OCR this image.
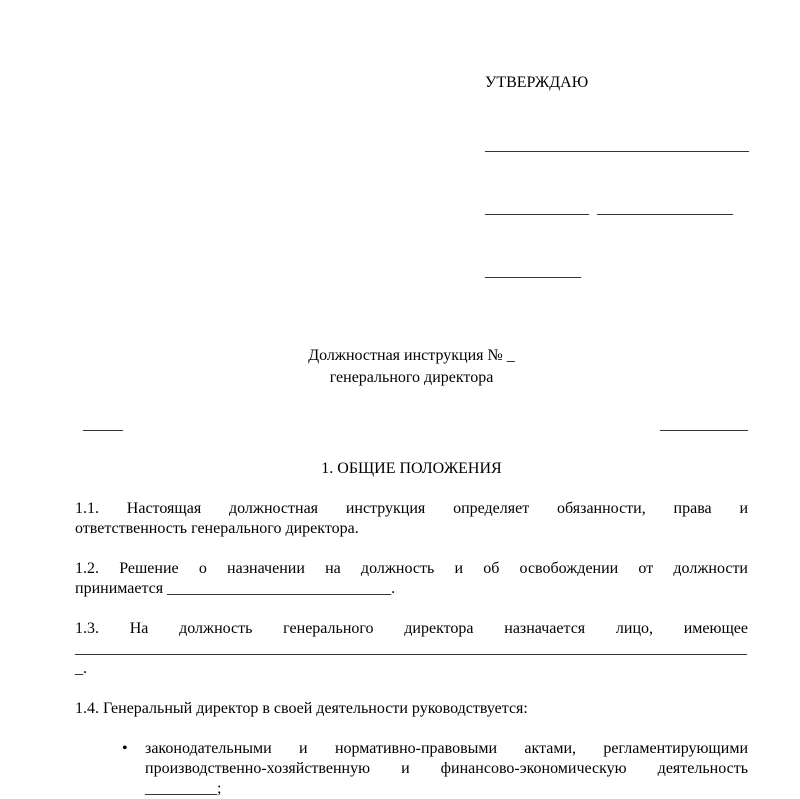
УТВЕРЖДАЮ

_________________________________

_____________  _________________

____________

Должностная инструкция № _
генерального директора
_____	___________
1. ОБЩИЕ ПОЛОЖЕНИЯ
1.1. Настоящая должностная инструкция определяет обязанности, права и
ответственность генерального директора.
1.2. Решение о назначении на должность и об освобождении от должности
принимается ____________________________.
1.3. На должность генерального директора назначается лицо, имеющее
____________________________________________________________________________________
_.
1.4. Генеральный директор в своей деятельности руководствуется:
• законодательными и нормативно-правовыми актами, регламентирующими
производственно-хозяйственную и финансово-экономическую деятельность
_________;
